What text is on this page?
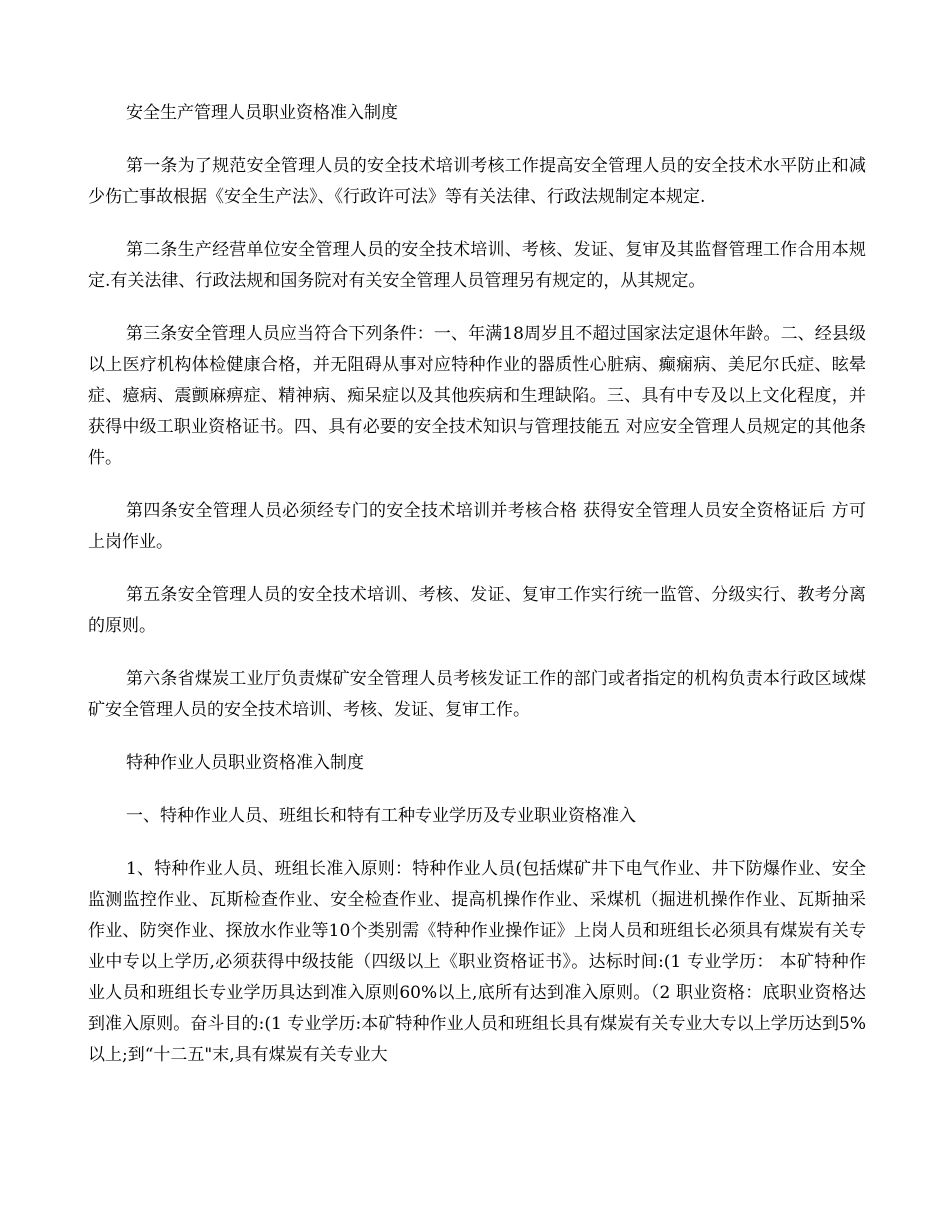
安全生产管理人员职业资格准入制度

第一条为了规范安全管理人员的安全技术培训考核工作提高安全管理人员的安全技术水平防止和减少伤亡事故根据《安全生产法》、《行政许可法》等有关法律、行政法规制定本规定.

第二条生产经营单位安全管理人员的安全技术培训、考核、发证、复审及其监督管理工作合用本规定.有关法律、行政法规和国务院对有关安全管理人员管理另有规定的，从其规定。

第三条安全管理人员应当符合下列条件：一、年满18周岁且不超过国家法定退休年龄。二、经县级以上医疗机构体检健康合格，并无阻碍从事对应特种作业的器质性心脏病、癫痫病、美尼尔氏症、眩晕症、癔病、震颤麻痹症、精神病、痴呆症以及其他疾病和生理缺陷。三、具有中专及以上文化程度，并获得中级工职业资格证书。四、具有必要的安全技术知识与管理技能五 对应安全管理人员规定的其他条件。

第四条安全管理人员必须经专门的安全技术培训并考核合格 获得安全管理人员安全资格证后 方可上岗作业。

第五条安全管理人员的安全技术培训、考核、发证、复审工作实行统一监管、分级实行、教考分离的原则。

第六条省煤炭工业厅负责煤矿安全管理人员考核发证工作的部门或者指定的机构负责本行政区域煤矿安全管理人员的安全技术培训、考核、发证、复审工作。

特种作业人员职业资格准入制度

一、特种作业人员、班组长和特有工种专业学历及专业职业资格准入

1、特种作业人员、班组长准入原则：特种作业人员(包括煤矿井下电气作业、井下防爆作业、安全监测监控作业、瓦斯检查作业、安全检查作业、提高机操作作业、采煤机（掘进机操作作业、瓦斯抽采作业、防突作业、探放水作业等10个类别需《特种作业操作证》上岗人员和班组长必须具有煤炭有关专业中专以上学历,必须获得中级技能（四级以上《职业资格证书》。达标时间:(1 专业学历： 本矿特种作业人员和班组长专业学历具达到准入原则60%以上,底所有达到准入原则。（2 职业资格：底职业资格达到准入原则。奋斗目的:(1 专业学历:本矿特种作业人员和班组长具有煤炭有关专业大专以上学历达到5%以上;到“十二五"末,具有煤炭有关专业大
